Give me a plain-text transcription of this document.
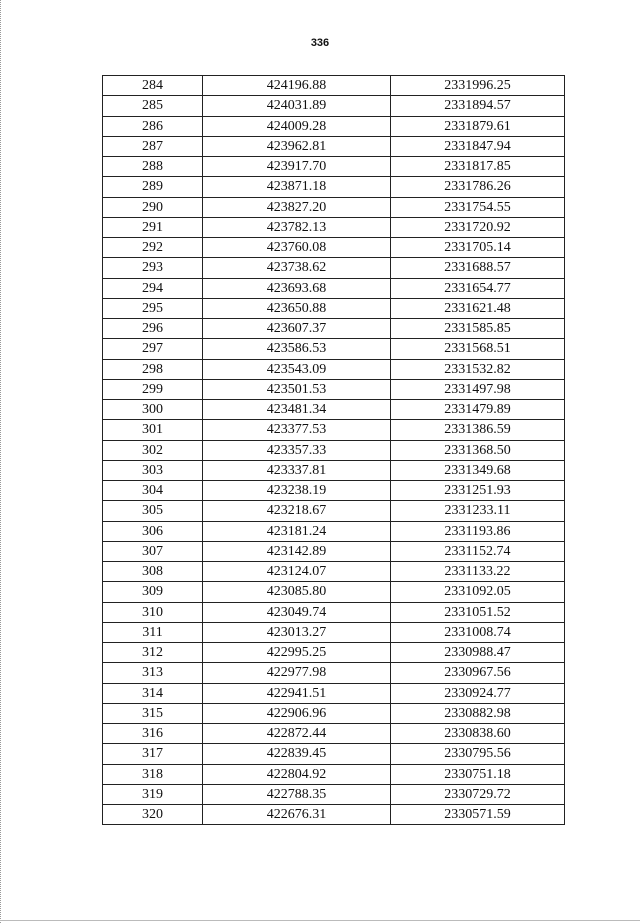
336
284	424196.88	2331996.25
285	424031.89	2331894.57
286	424009.28	2331879.61
287	423962.81	2331847.94
288	423917.70	2331817.85
289	423871.18	2331786.26
290	423827.20	2331754.55
291	423782.13	2331720.92
292	423760.08	2331705.14
293	423738.62	2331688.57
294	423693.68	2331654.77
295	423650.88	2331621.48
296	423607.37	2331585.85
297	423586.53	2331568.51
298	423543.09	2331532.82
299	423501.53	2331497.98
300	423481.34	2331479.89
301	423377.53	2331386.59
302	423357.33	2331368.50
303	423337.81	2331349.68
304	423238.19	2331251.93
305	423218.67	2331233.11
306	423181.24	2331193.86
307	423142.89	2331152.74
308	423124.07	2331133.22
309	423085.80	2331092.05
310	423049.74	2331051.52
311	423013.27	2331008.74
312	422995.25	2330988.47
313	422977.98	2330967.56
314	422941.51	2330924.77
315	422906.96	2330882.98
316	422872.44	2330838.60
317	422839.45	2330795.56
318	422804.92	2330751.18
319	422788.35	2330729.72
320	422676.31	2330571.59
